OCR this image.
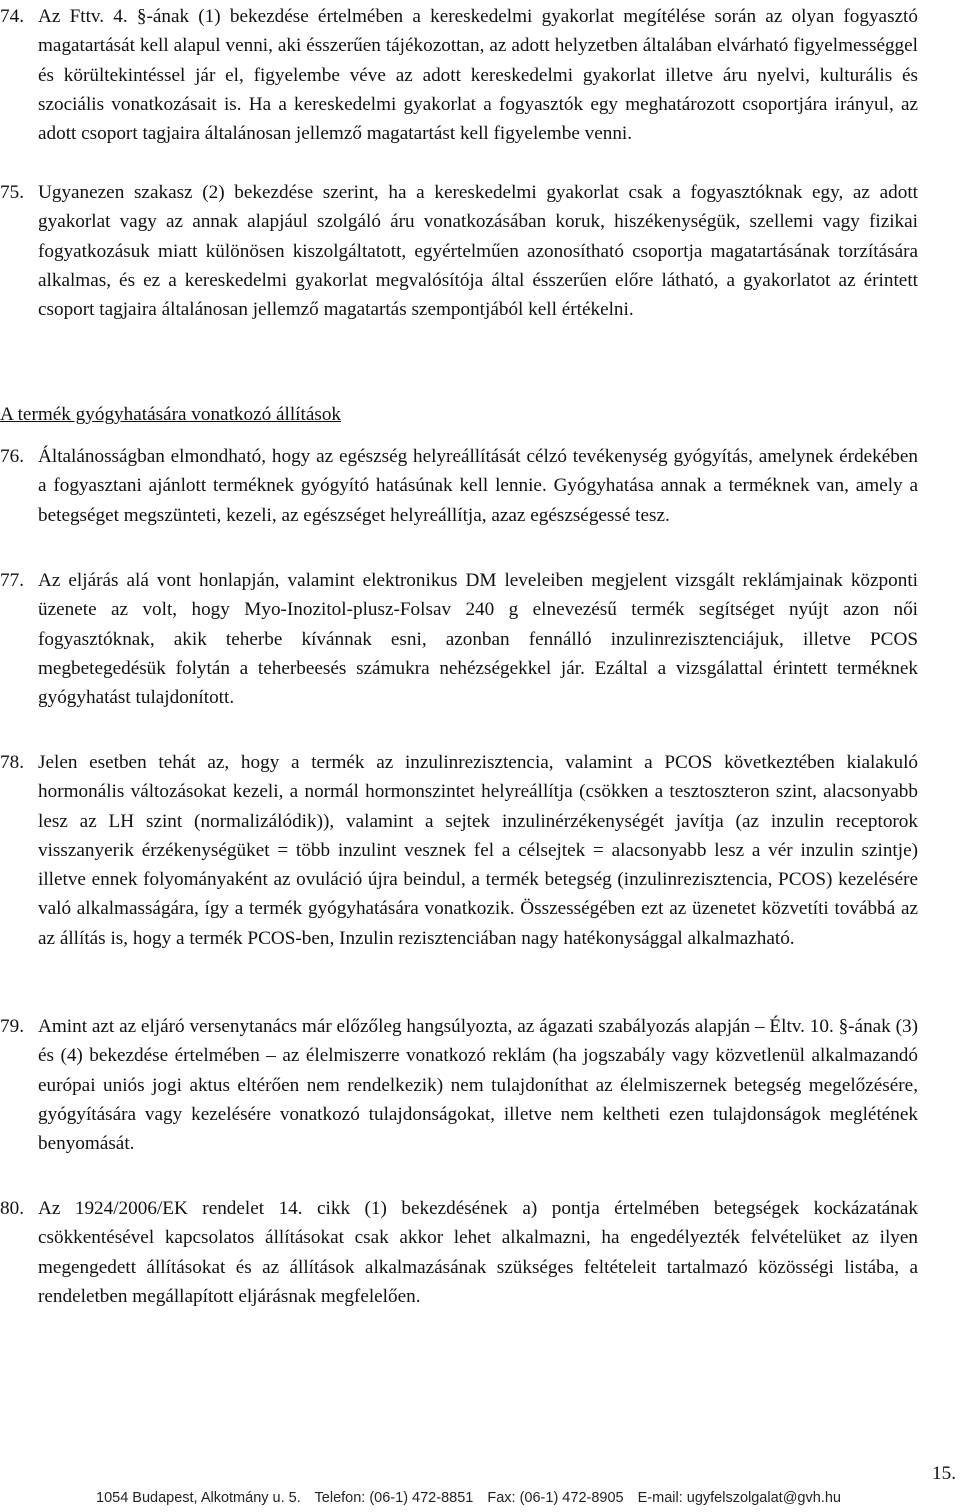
74. Az Fttv. 4. §-ának (1) bekezdése értelmében a kereskedelmi gyakorlat megítélése során az olyan fogyasztó magatartását kell alapul venni, aki ésszerűen tájékozottan, az adott helyzetben általában elvárható figyelmességgel és körültekintéssel jár el, figyelembe véve az adott kereskedelmi gyakorlat illetve áru nyelvi, kulturális és szociális vonatkozásait is. Ha a kereskedelmi gyakorlat a fogyasztók egy meghatározott csoportjára irányul, az adott csoport tagjaira általánosan jellemző magatartást kell figyelembe venni.
75. Ugyanezen szakasz (2) bekezdése szerint, ha a kereskedelmi gyakorlat csak a fogyasztóknak egy, az adott gyakorlat vagy az annak alapjául szolgáló áru vonatkozásában koruk, hiszékenységük, szellemi vagy fizikai fogyatkozásuk miatt különösen kiszolgáltatott, egyértelműen azonosítható csoportja magatartásának torzítására alkalmas, és ez a kereskedelmi gyakorlat megvalósítója által ésszerűen előre látható, a gyakorlatot az érintett csoport tagjaira általánosan jellemző magatartás szempontjából kell értékelni.

A termék gyógyhatására vonatkozó állítások

76. Általánosságban elmondható, hogy az egészség helyreállítását célzó tevékenység gyógyítás, amelynek érdekében a fogyasztani ajánlott terméknek gyógyító hatásúnak kell lennie. Gyógyhatása annak a terméknek van, amely a betegséget megszünteti, kezeli, az egészséget helyreállítja, azaz egészségessé tesz.
77. Az eljárás alá vont honlapján, valamint elektronikus DM leveleiben megjelent vizsgált reklámjainak központi üzenete az volt, hogy Myo-Inozitol-plusz-Folsav 240 g elnevezésű termék segítséget nyújt azon női fogyasztóknak, akik teherbe kívánnak esni, azonban fennálló inzulinrezisztenciájuk, illetve PCOS megbetegedésük folytán a teherbeesés számukra nehézségekkel jár. Ezáltal a vizsgálattal érintett terméknek gyógyhatást tulajdonított.
78. Jelen esetben tehát az, hogy a termék az inzulinrezisztencia, valamint a PCOS következtében kialakuló hormonális változásokat kezeli, a normál hormonszintet helyreállítja (csökken a tesztoszteron szint, alacsonyabb lesz az LH szint (normalizálódik)), valamint a sejtek inzulinérzékenységét javítja (az inzulin receptorok visszanyerik érzékenységüket = több inzulint vesznek fel a célsejtek = alacsonyabb lesz a vér inzulin szintje) illetve ennek folyományaként az ovuláció újra beindul, a termék betegség (inzulinrezisztencia, PCOS) kezelésére való alkalmasságára, így a termék gyógyhatására vonatkozik. Összességében ezt az üzenetet közvetíti továbbá az az állítás is, hogy a termék PCOS-ben, Inzulin rezisztenciában nagy hatékonysággal alkalmazható.
79. Amint azt az eljáró versenytanács már előzőleg hangsúlyozta, az ágazati szabályozás alapján – Éltv. 10. §-ának (3) és (4) bekezdése értelmében – az élelmiszerre vonatkozó reklám (ha jogszabály vagy közvetlenül alkalmazandó európai uniós jogi aktus eltérően nem rendelkezik) nem tulajdoníthat az élelmiszernek betegség megelőzésére, gyógyítására vagy kezelésére vonatkozó tulajdonságokat, illetve nem keltheti ezen tulajdonságok meglétének benyomását.
80. Az 1924/2006/EK rendelet 14. cikk (1) bekezdésének a) pontja értelmében betegségek kockázatának csökkentésével kapcsolatos állításokat csak akkor lehet alkalmazni, ha engedélyezték felvételüket az ilyen megengedett állításokat és az állítások alkalmazásának szükséges feltételeit tartalmazó közösségi listába, a rendeletben megállapított eljárásnak megfelelően.

15.

1054 Budapest, Alkotmány u. 5. Telefon: (06-1) 472-8851 Fax: (06-1) 472-8905 E-mail: ugyfelszolgalat@gvh.hu
